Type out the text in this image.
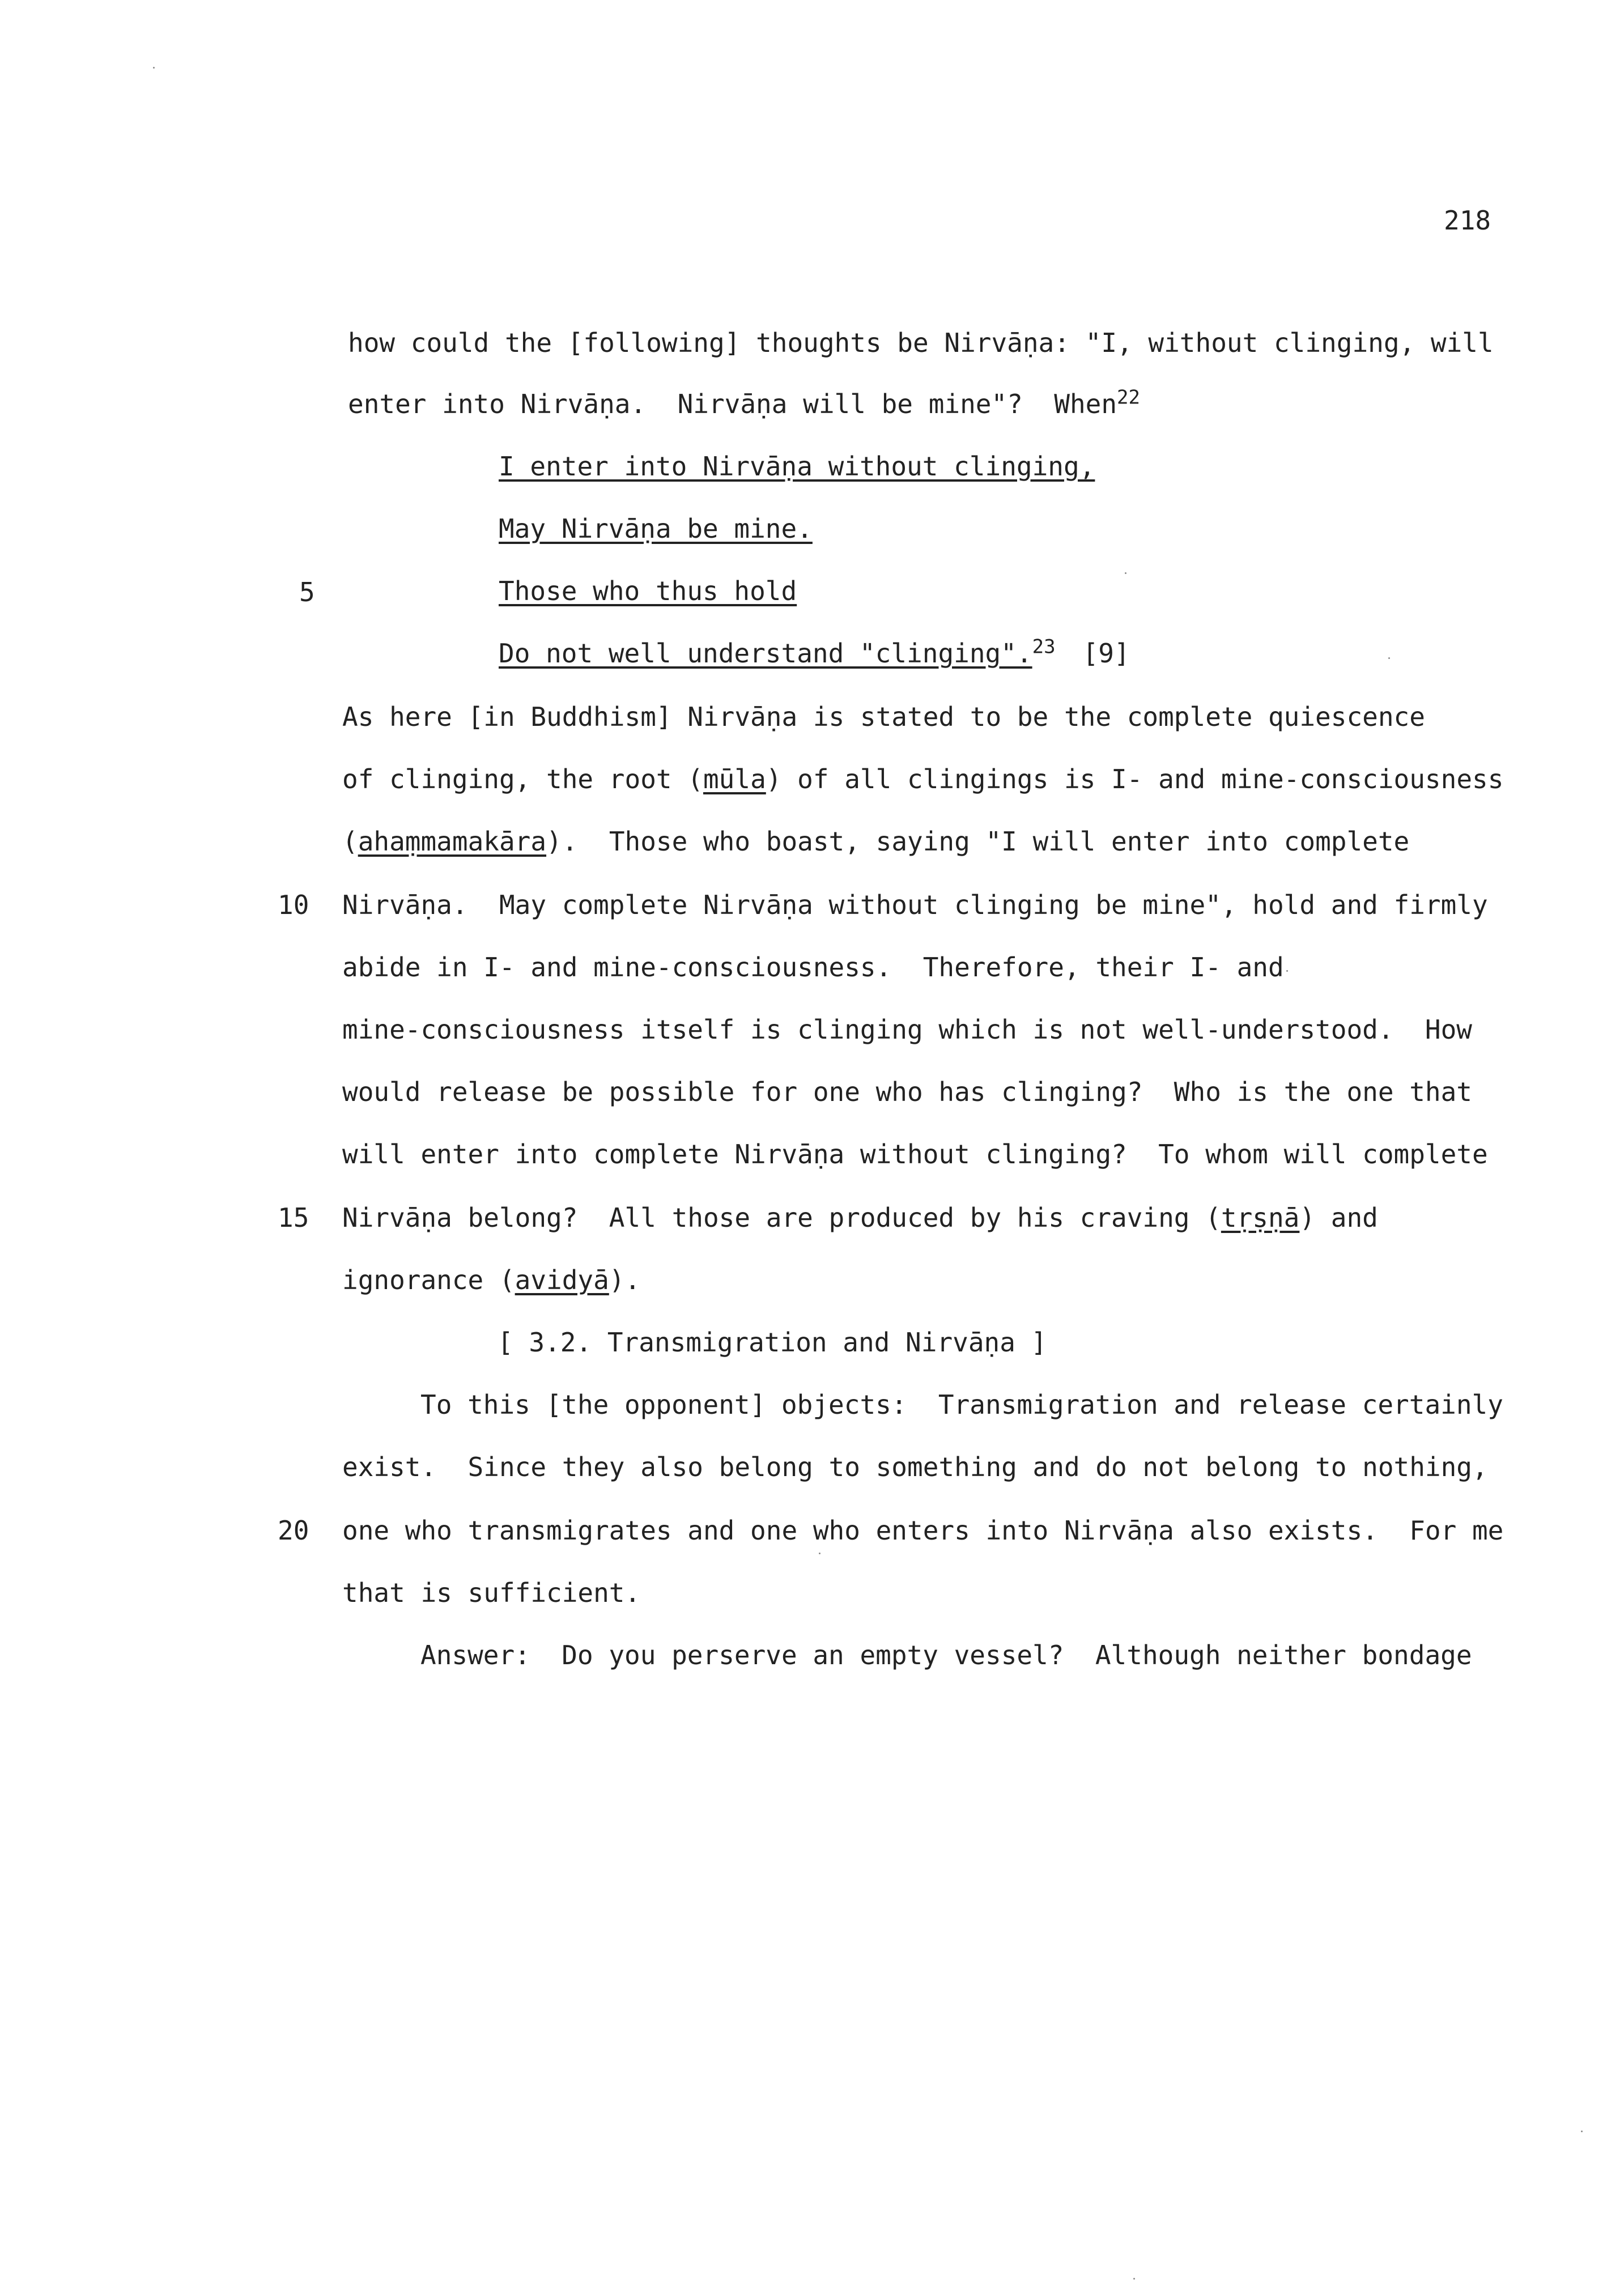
218
how could the [following] thoughts be Nirvāṇa: "I, without clinging, will
enter into Nirvāṇa.  Nirvāṇa will be mine"?  When$^{22}$
I enter into Nirvāṇa without clinging,
May Nirvāṇa be mine.
5	Those who thus hold
Do not well understand "clinging".$^{23}$ [9]
As here [in Buddhism] Nirvāṇa is stated to be the complete quiescence
of clinging, the root (mūla) of all clingings is I- and mine-consciousness
(ahaṃmamakāra).  Those who boast, saying "I will enter into complete
10 Nirvāṇa.  May complete Nirvāṇa without clinging be mine", hold and firmly
abide in I- and mine-consciousness.  Therefore, their I- and
mine-consciousness itself is clinging which is not well-understood.  How
would release be possible for one who has clinging?  Who is the one that
will enter into complete Nirvāṇa without clinging?  To whom will complete
15 Nirvāṇa belong?  All those are produced by his craving (tṛṣṇā) and
ignorance (avidyā).
[ 3.2. Transmigration and Nirvāṇa ]
To this [the opponent] objects:  Transmigration and release certainly
exist.  Since they also belong to something and do not belong to nothing,
20 one who transmigrates and one who enters into Nirvāṇa also exists.  For me
that is sufficient.
Answer:  Do you perserve an empty vessel?  Although neither bondage
